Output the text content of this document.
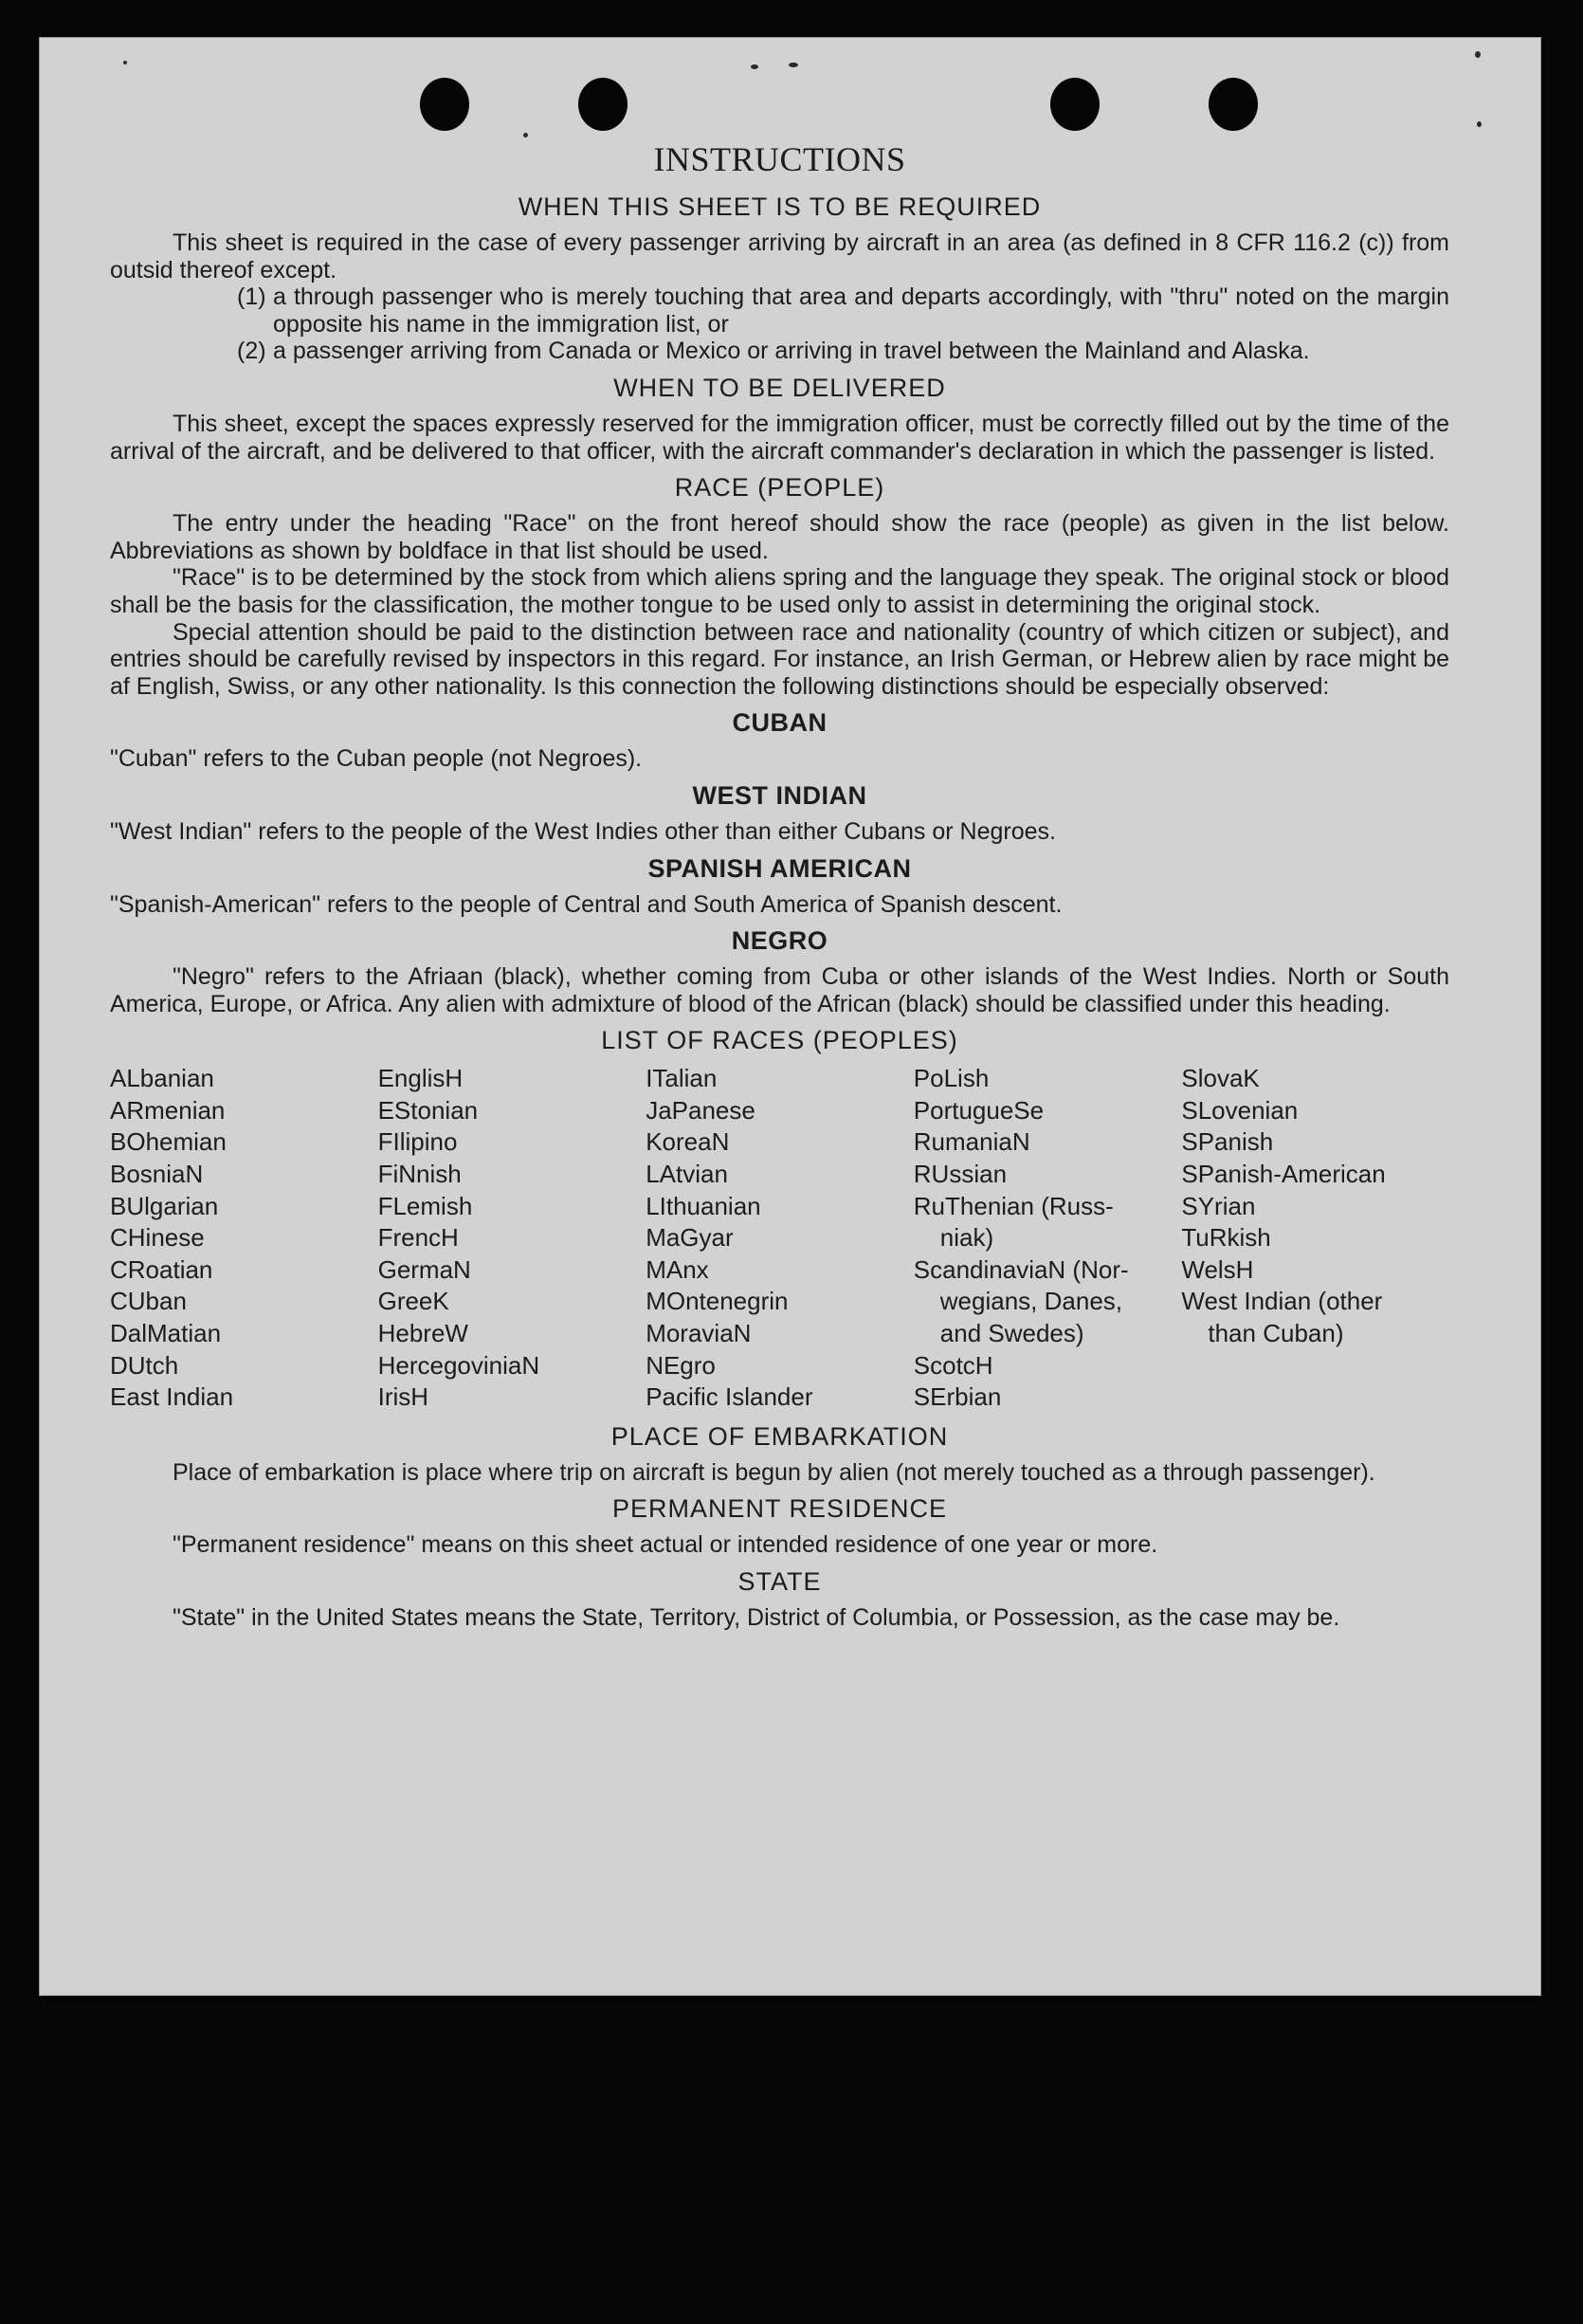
INSTRUCTIONS
WHEN THIS SHEET IS TO BE REQUIRED

This sheet is required in the case of every passenger arriving by aircraft in an area (as defined in 8 CFR 116.2 (c)) from outsid thereof except.

(1) a through passenger who is merely touching that area and departs accordingly, with "thru" noted on the margin opposite his name in the immigration list, or
(2) a passenger arriving from Canada or Mexico or arriving in travel between the Mainland and Alaska.
WHEN TO BE DELIVERED

This sheet, except the spaces expressly reserved for the immigration officer, must be correctly filled out by the time of the arrival of the aircraft, and be delivered to that officer, with the aircraft commander's declaration in which the passenger is listed.

RACE (PEOPLE)

The entry under the heading "Race" on the front hereof should show the race (people) as given in the list below. Abbreviations as shown by boldface in that list should be used.

"Race" is to be determined by the stock from which aliens spring and the language they speak. The original stock or blood shall be the basis for the classification, the mother tongue to be used only to assist in determining the original stock.

Special attention should be paid to the distinction between race and nationality (country of which citizen or subject), and entries should be carefully revised by inspectors in this regard. For instance, an Irish German, or Hebrew alien by race might be af English, Swiss, or any other nationality. Is this connection the following distinctions should be especially observed:

CUBAN

"Cuban" refers to the Cuban people (not Negroes).

WEST INDIAN

"West Indian" refers to the people of the West Indies other than either Cubans or Negroes.

SPANISH AMERICAN

"Spanish-American" refers to the people of Central and South America of Spanish descent.

NEGRO

"Negro" refers to the Afriaan (black), whether coming from Cuba or other islands of the West Indies. North or South America, Europe, or Africa. Any alien with admixture of blood of the African (black) should be classified under this heading.

LIST OF RACES (PEOPLES)
ALbanian
ARmenian
BOhemian
BosniaN
BUlgarian
CHinese
CRoatian
CUban
DalMatian
DUtch
East Indian
EnglisH
EStonian
FIlipino
FiNnish
FLemish
FrencH
GermaN
GreeK
HebreW
HercegoviniaN
IrisH
ITalian
JaPanese
KoreaN
LAtvian
LIthuanian
MaGyar
MAnx
MOntenegrin
MoraviaN
NEgro
Pacific Islander
PoLish
PortugueSe
RumaniaN
RUssian
RuThenian (Russ-
niak)
ScandinaviaN (Nor-
wegians, Danes,
and Swedes)
ScotcH
SErbian
SlovaK
SLovenian
SPanish
SPanish-American
SYrian
TuRkish
WelsH
West Indian (other
than Cuban)
PLACE OF EMBARKATION

Place of embarkation is place where trip on aircraft is begun by alien (not merely touched as a through passenger).

PERMANENT RESIDENCE

"Permanent residence" means on this sheet actual or intended residence of one year or more.

STATE

"State" in the United States means the State, Territory, District of Columbia, or Possession, as the case may be.
